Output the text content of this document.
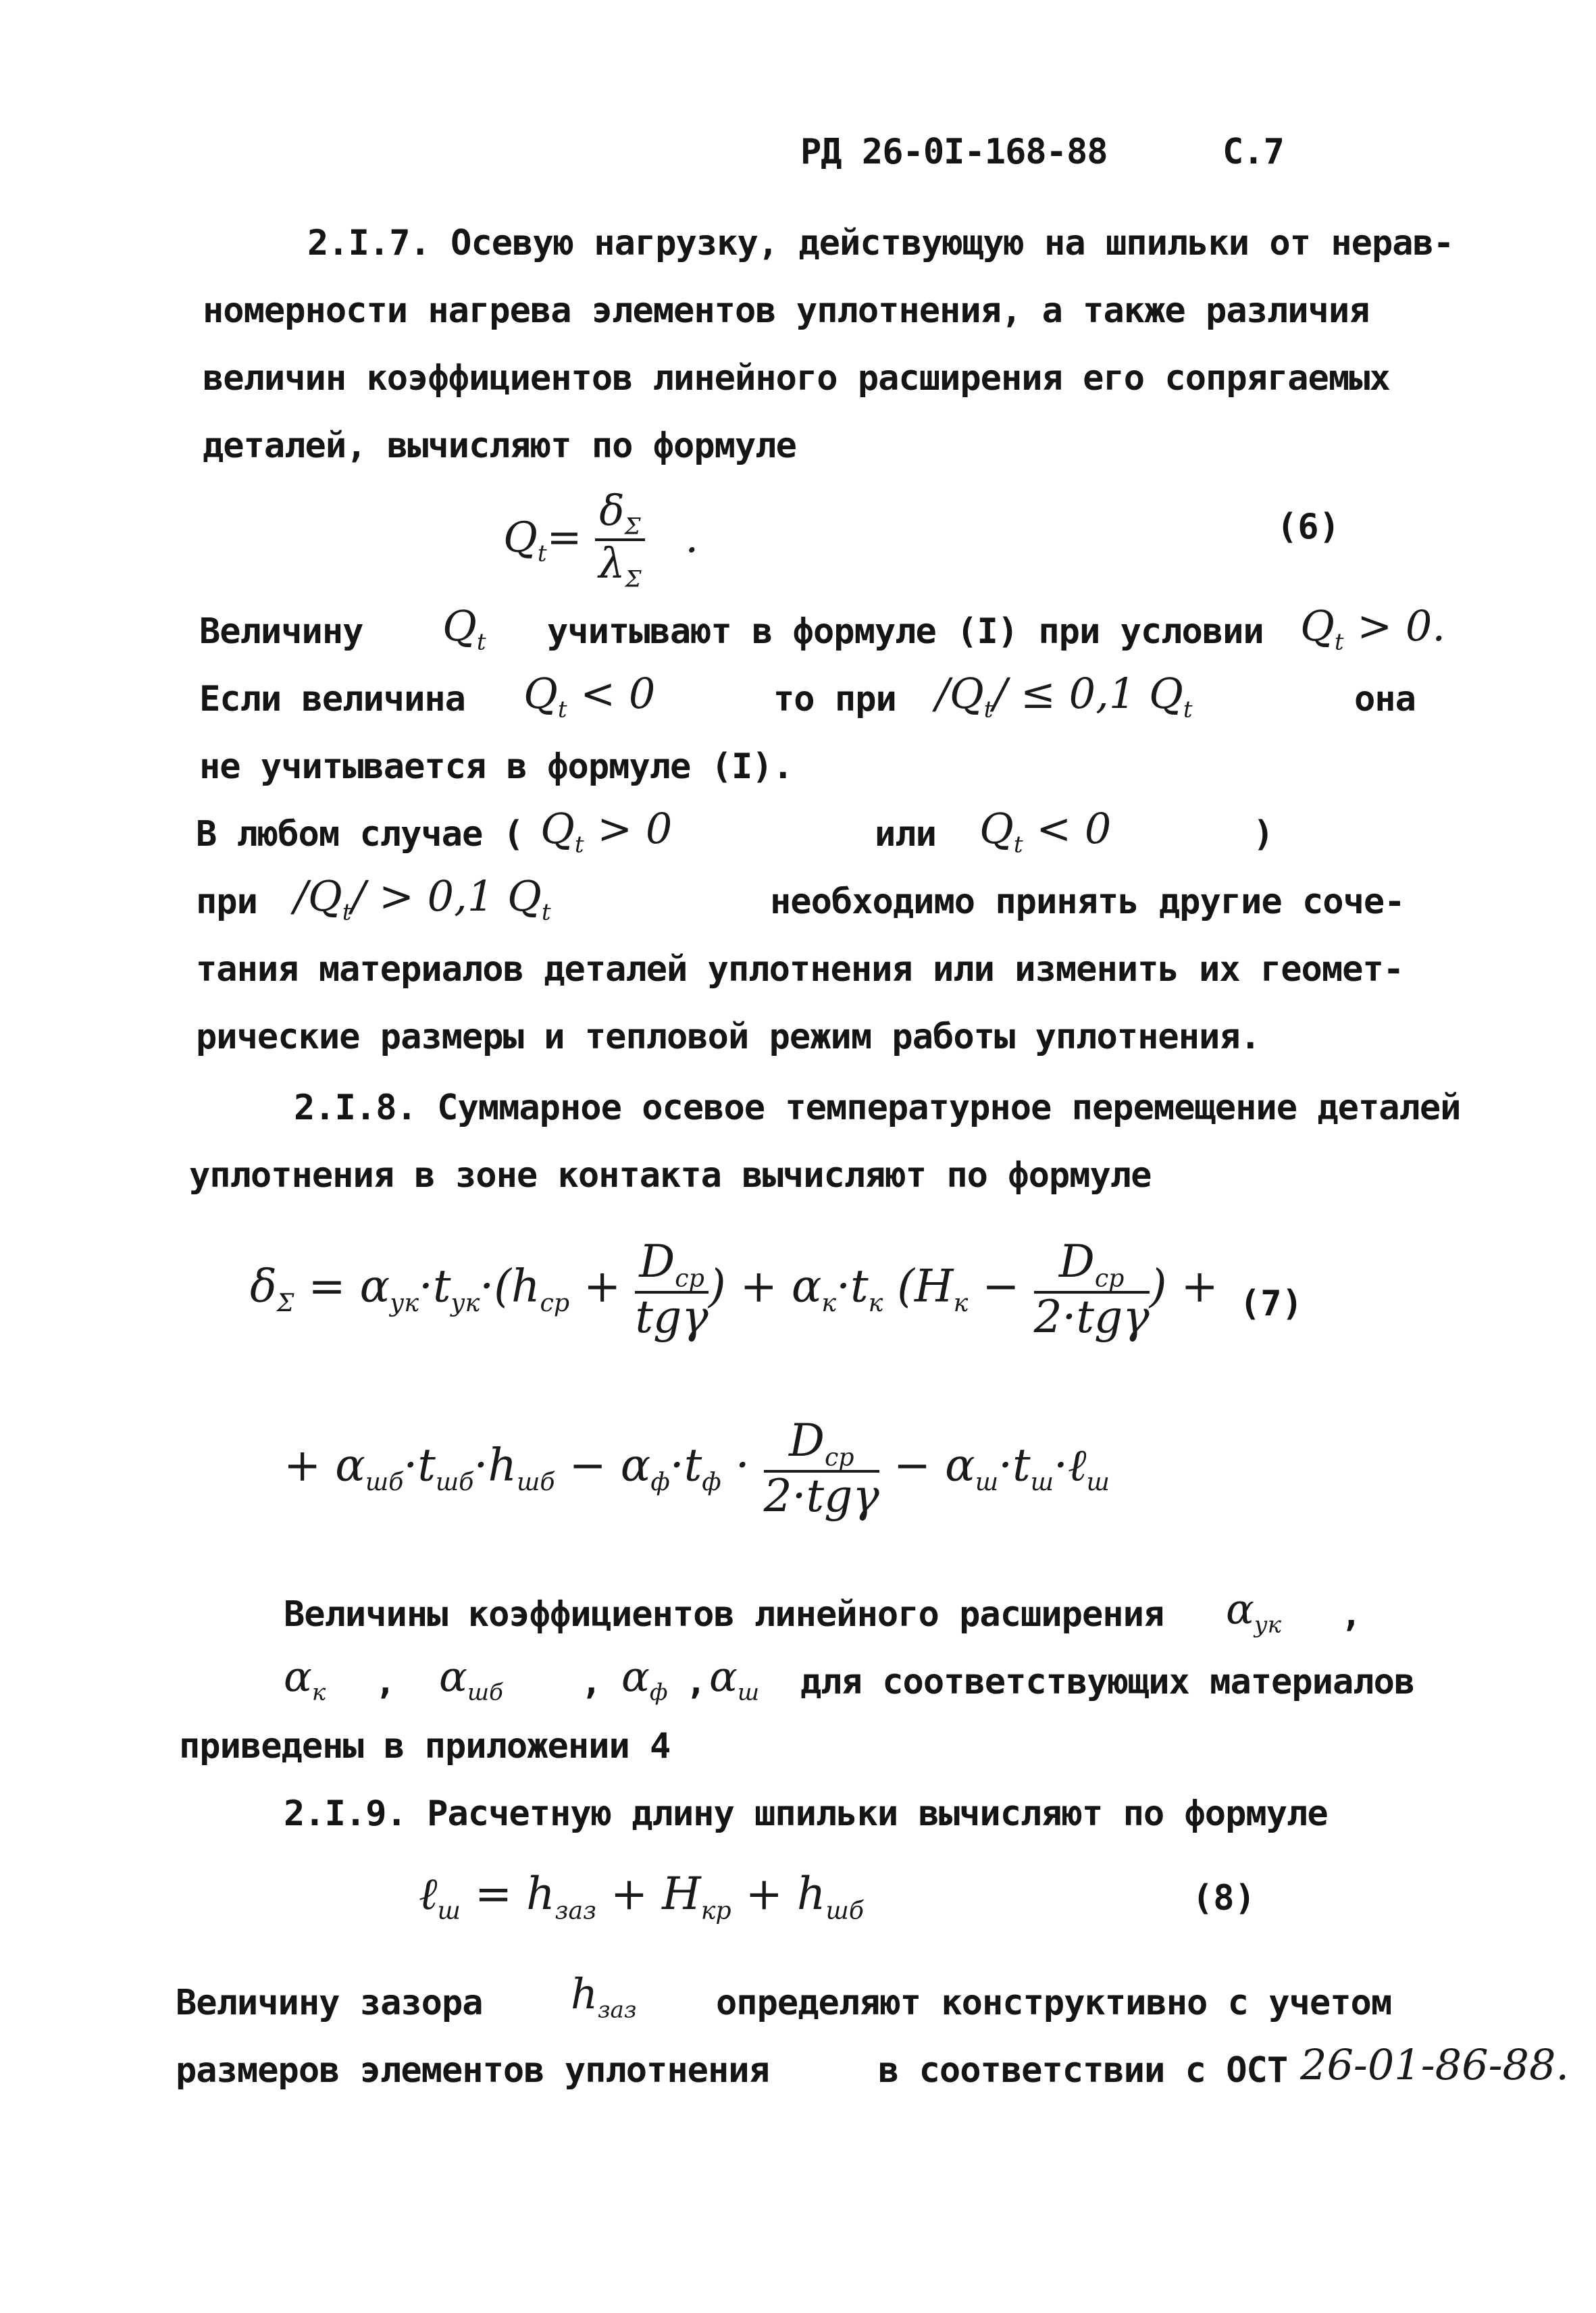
РД 26-0I-168-88	С.7
2.I.7. Осевую нагрузку, действующую на шпильки от нерав-
номерности нагрева элементов уплотнения, а также различия
величин коэффициентов линейного расширения его сопрягаемых
деталей, вычисляют по формуле
$Q_t= \frac{\delta_\Sigma}{\lambda_\Sigma}$ .	(6)
Величину $Q_t$ учитывают в формуле (I) при условии $Q_t > 0$.
Если величина $Q_t < 0$	то при $/Q_t/ \le 0,1$ $Q_t$	она
не учитывается в формуле (I).
В любом случае ( $Q_t > 0$	или $Q_t < 0$	)
при $/Q_t/ > 0,1$ $Q_t$	необходимо принять другие соче-
тания материалов деталей уплотнения или изменить их геомет-
рические размеры и тепловой режим работы уплотнения.
2.I.8. Суммарное осевое температурное перемещение деталей
уплотнения в зоне контакта вычисляют по формуле
$\delta_\Sigma = \alpha_{ук}\cdot t_{ук}\cdot(h_{ср} + \frac{D_{ср}}{\text{tgγ}}$ ) + $\alpha_к\cdot t_к$ ($H_к - \frac{D_{ср}}{\text{2·tgγ}}$ ) + (7)
+ $\alpha_{шб}\cdot t_{шб}\cdot h_{шб} - \alpha_ф\cdot t_ф \cdot \frac{D_{ср}}{\text{2·tgγ}}$ − $\alpha_ш\cdot t_ш\cdot\ell_ш$
Величины коэффициентов линейного расширения $\alpha_{ук}$ ,
$\alpha_к$ , $\alpha_{шб}$ , $\alpha_ф$ , $\alpha_ш$ для соответствующих материалов
приведены в приложении 4
2.I.9. Расчетную длину шпильки вычисляют по формуле
ℓ$_ш$ = $h_{заз} + H_{кр} + h_{шб}$	(8)
Величину зазора $h_{заз}$ определяют конструктивно с учетом
размеров элементов уплотнения	в соответствии с ОСТ 26-01-86-88.
